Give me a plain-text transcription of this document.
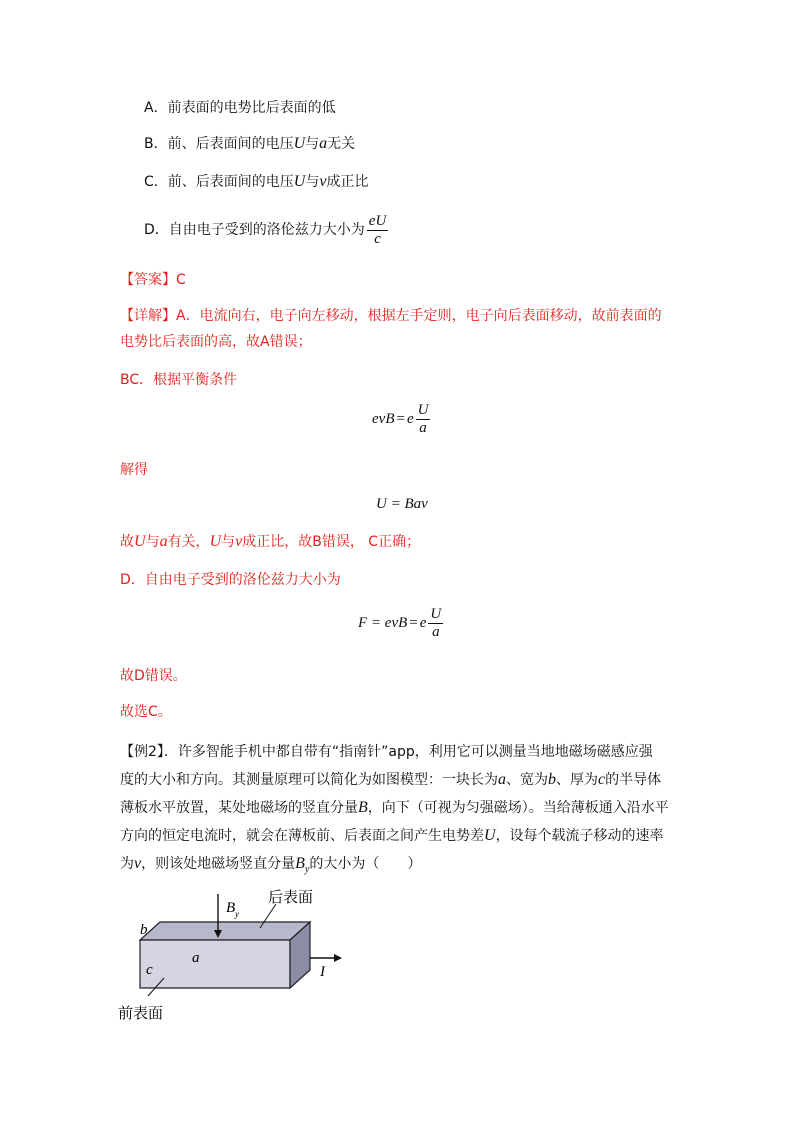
A．前表面的电势比后表面的低
B．前、后表面间的电压U与a无关
C．前、后表面间的电压U与v成正比
D．自由电子受到的洛伦兹力大小为 $\frac{eU}{c}$
【答案】C
【详解】A．电流向右，电子向左移动，根据左手定则，电子向后表面移动，故前表面的
电势比后表面的高，故A错误；
BC．根据平衡条件
evB = e $\frac{U}{a}$
解得
U = Bav
故U与a有关，U与v成正比，故B错误， C正确；
D．自由电子受到的洛伦兹力大小为
F = evB = e $\frac{U}{a}$
故D错误。
故选C。
【例2】．许多智能手机中都自带有“指南针”app，利用它可以测量当地地磁场磁感应强
度的大小和方向。其测量原理可以简化为如图模型：一块长为a、宽为b、厚为c的半导体
薄板水平放置，某处地磁场的竖直分量B，向下（可视为匀强磁场）。当给薄板通入沿水平
方向的恒定电流时，就会在薄板前、后表面之间产生电势差U，设每个载流子移动的速率
为v，则该处地磁场竖直分量$B_y$的大小为（　　）
B y
后表面
I
b
a
c
前表面
